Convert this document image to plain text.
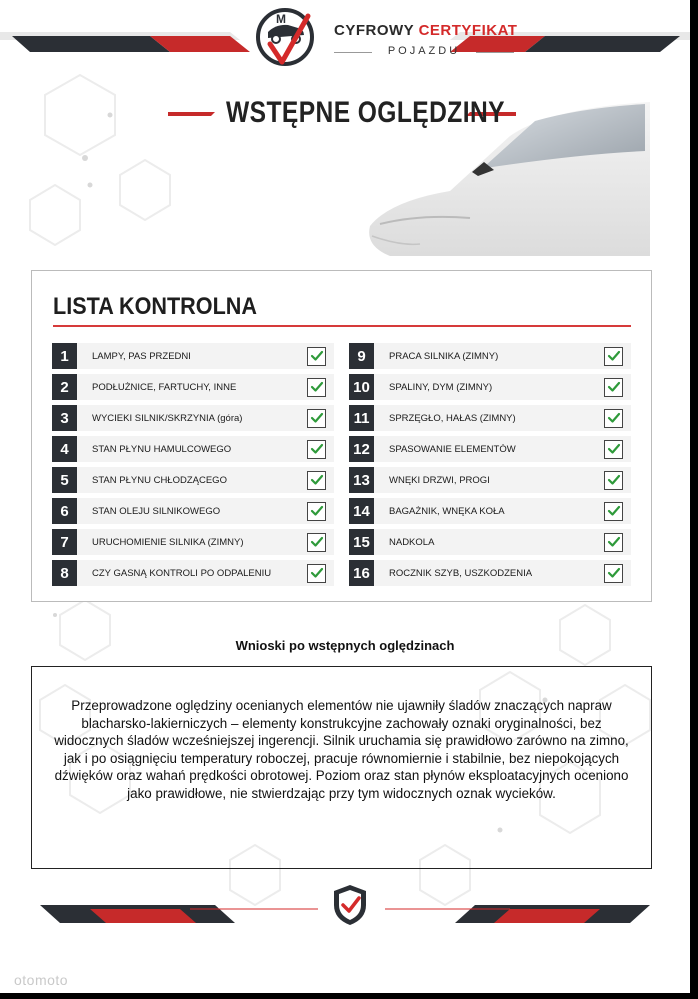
M
CYFROWY CERTYFIKAT
POJAZDU
WSTĘPNE OGLĘDZINY
LISTA KONTROLNA
1	LAMPY, PAS PRZEDNI
2	PODŁUŻNICE, FARTUCHY, INNE
3	WYCIEKI SILNIK/SKRZYNIA (góra)
4	STAN PŁYNU HAMULCOWEGO
5	STAN PŁYNU CHŁODZĄCEGO
6	STAN OLEJU SILNIKOWEGO
7	URUCHOMIENIE SILNIKA (ZIMNY)
8	CZY GASNĄ KONTROLI PO ODPALENIU
9	PRACA SILNIKA (ZIMNY)
10	SPALINY, DYM (ZIMNY)
11	SPRZĘGŁO, HAŁAS (ZIMNY)
12	SPASOWANIE ELEMENTÓW
13	WNĘKI DRZWI, PROGI
14	BAGAŻNIK, WNĘKA KOŁA
15	NADKOLA
16	ROCZNIK SZYB, USZKODZENIA
Wnioski po wstępnych oględzinach
Przeprowadzone oględziny ocenianych elementów nie ujawniły śladów znaczących napraw
blacharsko-lakierniczych – elementy konstrukcyjne zachowały oznaki oryginalności, bez
widocznych śladów wcześniejszej ingerencji. Silnik uruchamia się prawidłowo zarówno na zimno,
jak i po osiągnięciu temperatury roboczej, pracuje równomiernie i stabilnie, bez niepokojących
dźwięków oraz wahań prędkości obrotowej. Poziom oraz stan płynów eksploatacyjnych oceniono
jako prawidłowe, nie stwierdzając przy tym widocznych oznak wycieków.
otomoto
